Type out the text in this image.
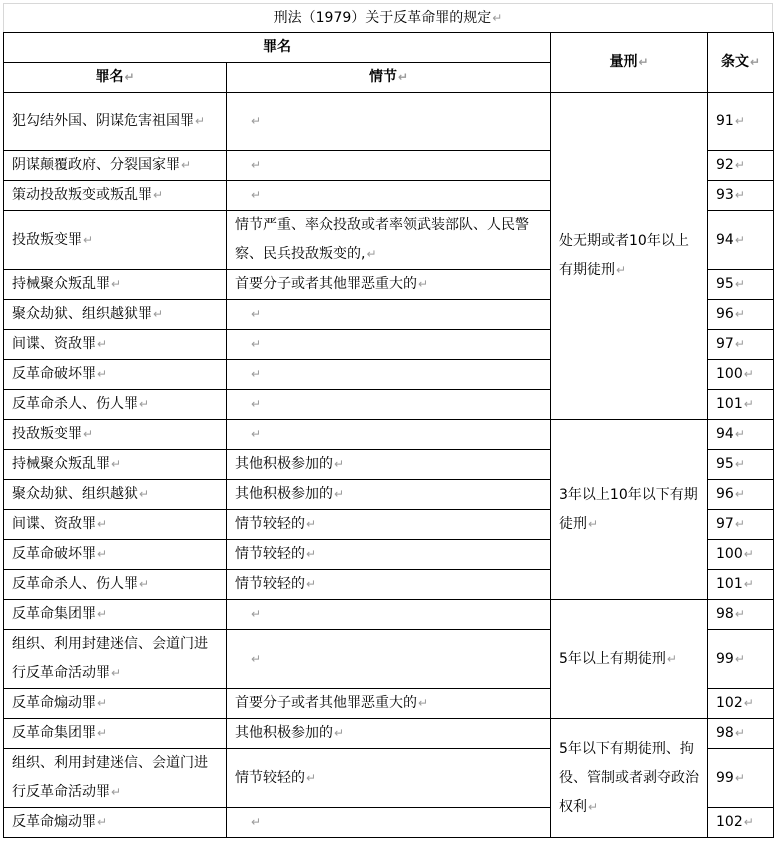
刑法（1979）关于反革命罪的规定↵
罪名		量刑↵	条文↵
罪名↵	情节↵		
犯勾结外国、阴谋危害祖国罪↵	↵	处无期或者10年以上有期徒刑↵	91↵
阴谋颠覆政府、分裂国家罪↵	↵		92↵
策动投敌叛变或叛乱罪↵	↵		93↵
投敌叛变罪↵	情节严重、率众投敌或者率领武装部队、人民警察、民兵投敌叛变的,↵		94↵
持械聚众叛乱罪↵	首要分子或者其他罪恶重大的↵		95↵
聚众劫狱、组织越狱罪↵	↵		96↵
间谍、资敌罪↵	↵		97↵
反革命破坏罪↵	↵		100↵
反革命杀人、伤人罪↵	↵		101↵
投敌叛变罪↵	↵	3年以上10年以下有期徒刑↵	94↵
持械聚众叛乱罪↵	其他积极参加的↵		95↵
聚众劫狱、组织越狱↵	其他积极参加的↵		96↵
间谍、资敌罪↵	情节较轻的↵		97↵
反革命破坏罪↵	情节较轻的↵		100↵
反革命杀人、伤人罪↵	情节较轻的↵		101↵
反革命集团罪↵	↵	5年以上有期徒刑↵	98↵
组织、利用封建迷信、会道门进行反革命活动罪↵	↵		99↵
反革命煽动罪↵	首要分子或者其他罪恶重大的↵		102↵
反革命集团罪↵	其他积极参加的↵	5年以下有期徒刑、拘役、管制或者剥夺政治权利↵	98↵
组织、利用封建迷信、会道门进行反革命活动罪↵	情节较轻的↵		99↵
反革命煽动罪↵	↵		102↵
